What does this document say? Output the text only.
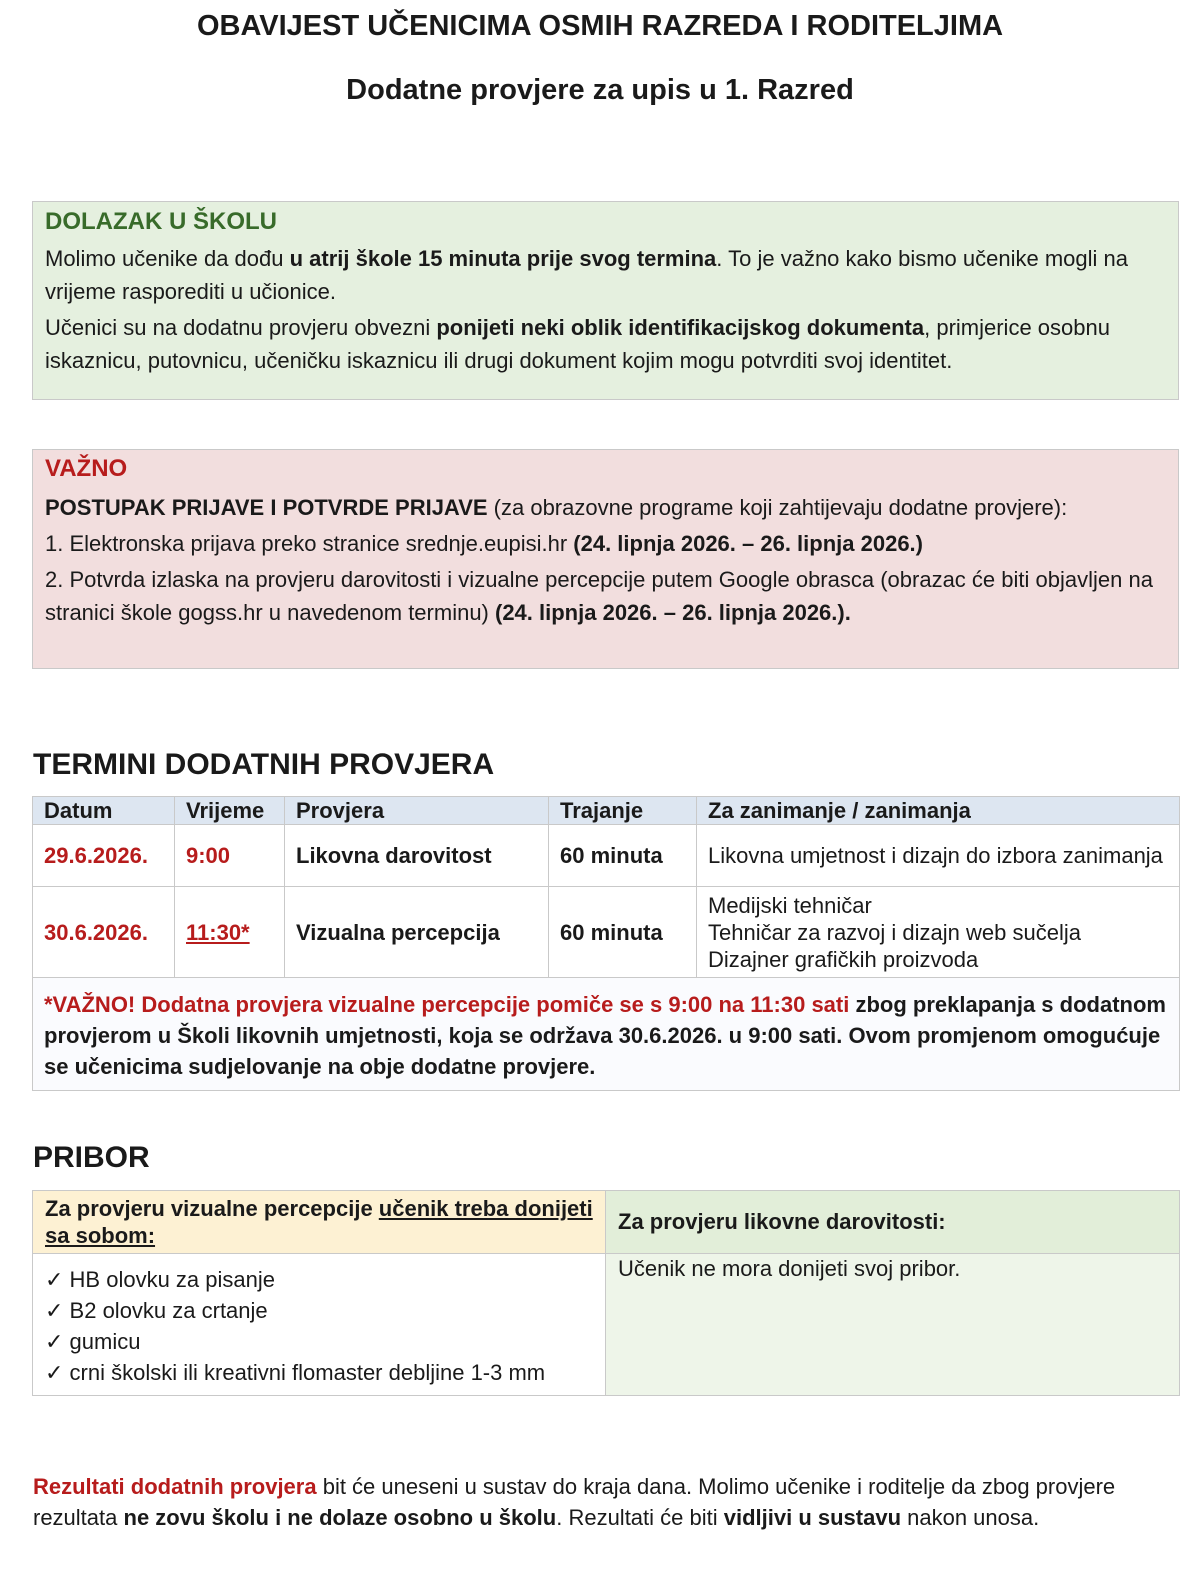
OBAVIJEST UČENICIMA OSMIH RAZREDA I RODITELJIMA
Dodatne provjere za upis u 1. Razred

DOLAZAK U ŠKOLU

Molimo učenike da dođu u atrij škole 15 minuta prije svog termina. To je važno kako bismo učenike mogli na vrijeme rasporediti u učionice.

Učenici su na dodatnu provjeru obvezni ponijeti neki oblik identifikacijskog dokumenta, primjerice osobnu iskaznicu, putovnicu, učeničku iskaznicu ili drugi dokument kojim mogu potvrditi svoj identitet.

VAŽNO

POSTUPAK PRIJAVE I POTVRDE PRIJAVE (za obrazovne programe koji zahtijevaju dodatne provjere):

1. Elektronska prijava preko stranice srednje.eupisi.hr (24. lipnja 2026. – 26. lipnja 2026.)

2. Potvrda izlaska na provjeru darovitosti i vizualne percepcije putem Google obrasca (obrazac će biti objavljen na stranici škole gogss.hr u navedenom terminu) (24. lipnja 2026. – 26. lipnja 2026.).

TERMINI DODATNIH PROVJERA
Datum	Vrijeme	Provjera	Trajanje	Za zanimanje / zanimanja
29.6.2026.	9:00	Likovna darovitost	60 minuta	Likovna umjetnost i dizajn do izbora zanimanja

30.6.2026.	11:30*	Vizualna percepcija	60 minuta	Medijski tehničar
Tehničar za razvoj i dizajn web sučelja
Dizajner grafičkih proizvoda

*VAŽNO! Dodatna provjera vizualne percepcije pomiče se s 9:00 na 11:30 sati zbog preklapanja s dodatnom provjerom u Školi likovnih umjetnosti, koja se održava 30.6.2026. u 9:00 sati. Ovom promjenom omogućuje se učenicima sudjelovanje na obje dodatne provjere.				
PRIBOR
Za provjeru vizualne percepcije učenik treba donijeti sa sobom:	Za provjeru likovne darovitosti:

✓ HB olovku za pisanje
✓ B2 olovku za crtanje
✓ gumicu
✓ crni školski ili kreativni flomaster debljine 1-3 mm	Učenik ne mora donijeti svoj pribor.
Rezultati dodatnih provjera bit će uneseni u sustav do kraja dana. Molimo učenike i roditelje da zbog provjere rezultata ne zovu školu i ne dolaze osobno u školu. Rezultati će biti vidljivi u sustavu nakon unosa.
